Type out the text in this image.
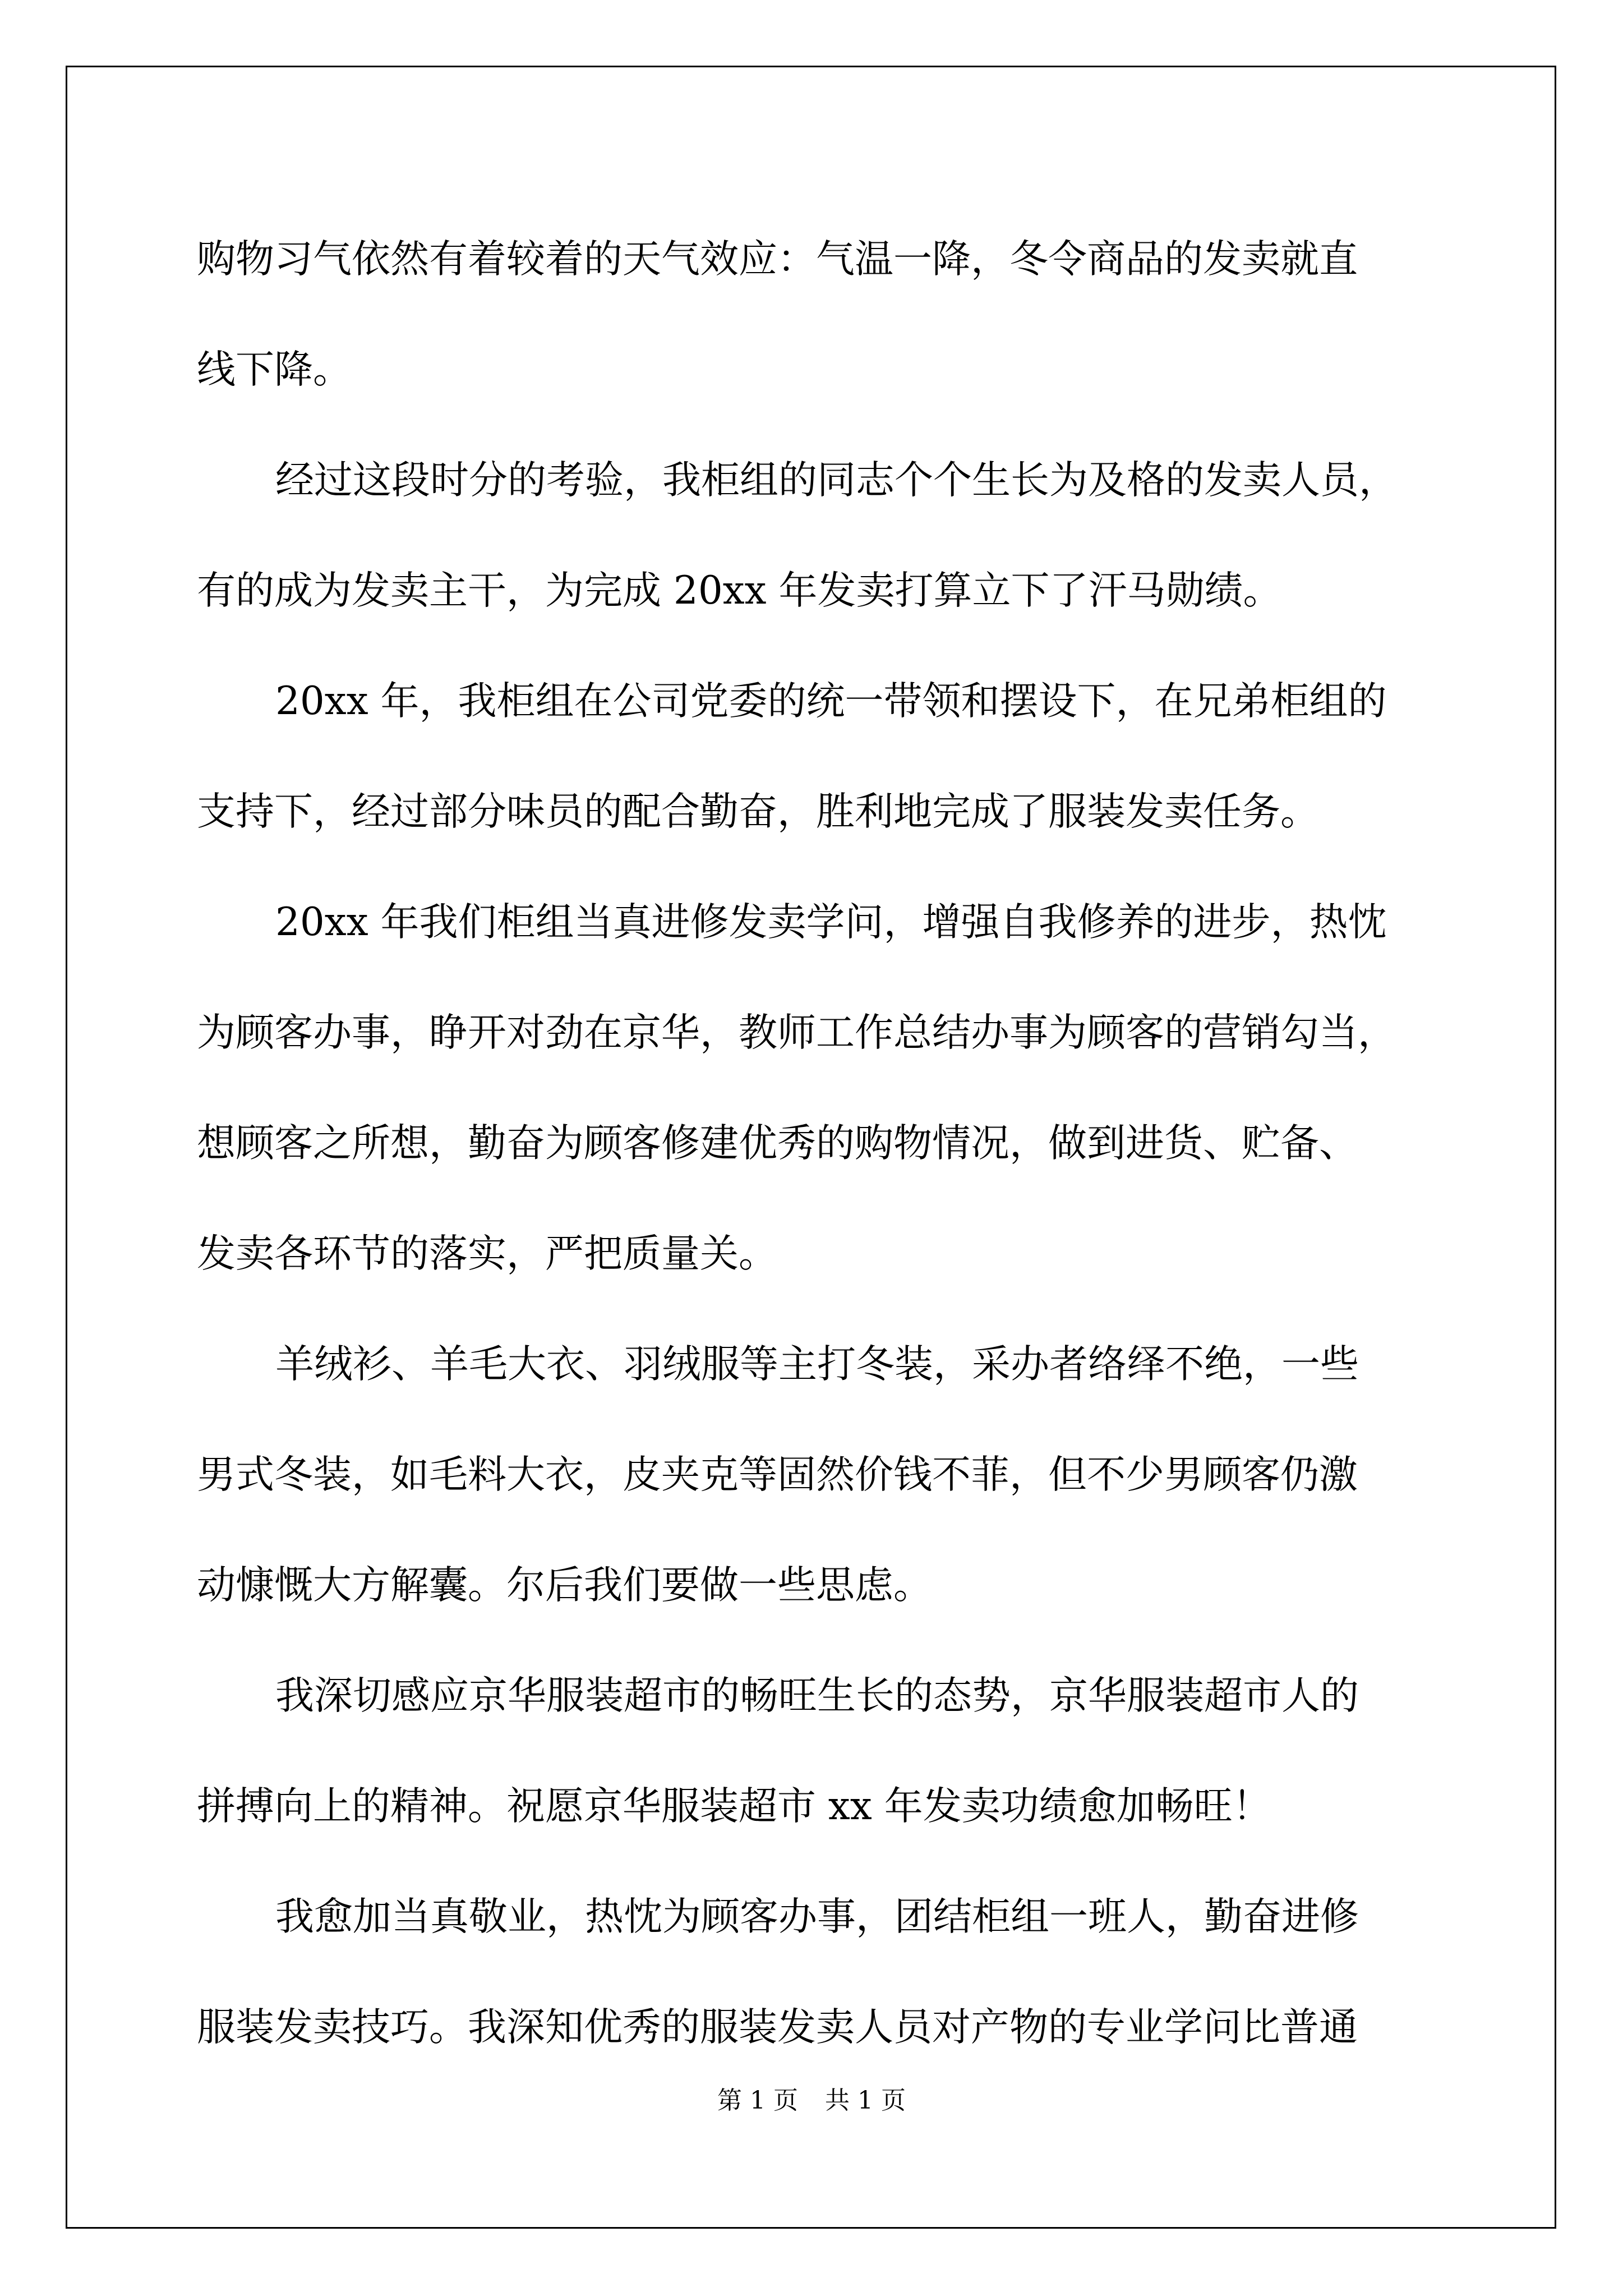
购物习气依然有着较着的天气效应：气温一降，冬令商品的发卖就直
线下降。
经过这段时分的考验，我柜组的同志个个生长为及格的发卖人员，
有的成为发卖主干，为完成 20xx 年发卖打算立下了汗马勋绩。
20xx 年，我柜组在公司党委的统一带领和摆设下，在兄弟柜组的
支持下，经过部分味员的配合勤奋，胜利地完成了服装发卖任务。
20xx 年我们柜组当真进修发卖学问，增强自我修养的进步，热忱
为顾客办事，睁开对劲在京华，教师工作总结办事为顾客的营销勾当，
想顾客之所想，勤奋为顾客修建优秀的购物情况，做到进货、贮备、
发卖各环节的落实，严把质量关。
羊绒衫、羊毛大衣、羽绒服等主打冬装，采办者络绎不绝，一些
男式冬装，如毛料大衣，皮夹克等固然价钱不菲，但不少男顾客仍激
动慷慨大方解囊。尔后我们要做一些思虑。
我深切感应京华服装超市的畅旺生长的态势，京华服装超市人的
拼搏向上的精神。祝愿京华服装超市 xx 年发卖功绩愈加畅旺！
我愈加当真敬业，热忱为顾客办事，团结柜组一班人，勤奋进修
服装发卖技巧。我深知优秀的服装发卖人员对产物的专业学问比普通
第 1 页 共 1 页
